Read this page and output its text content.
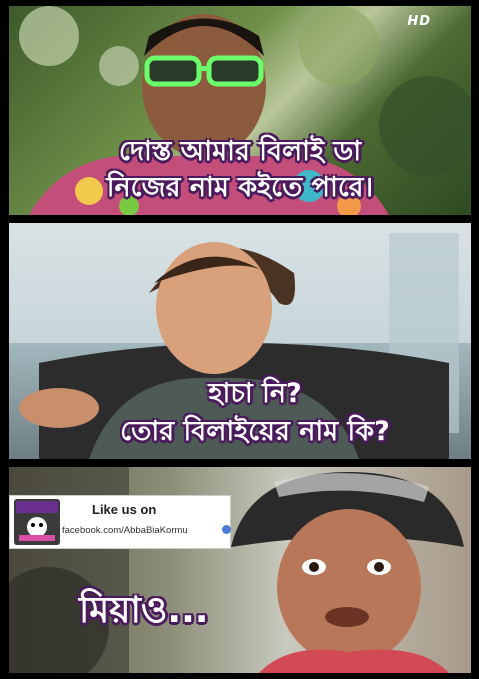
HD
দোস্ত আমার বিলাই ডা
নিজের নাম কইতে পারে।
হাচা নি?
তোর বিলাইয়ের নাম কি?
Like us on
facebook.com/AbbaBiaKormu
মিয়াও...
